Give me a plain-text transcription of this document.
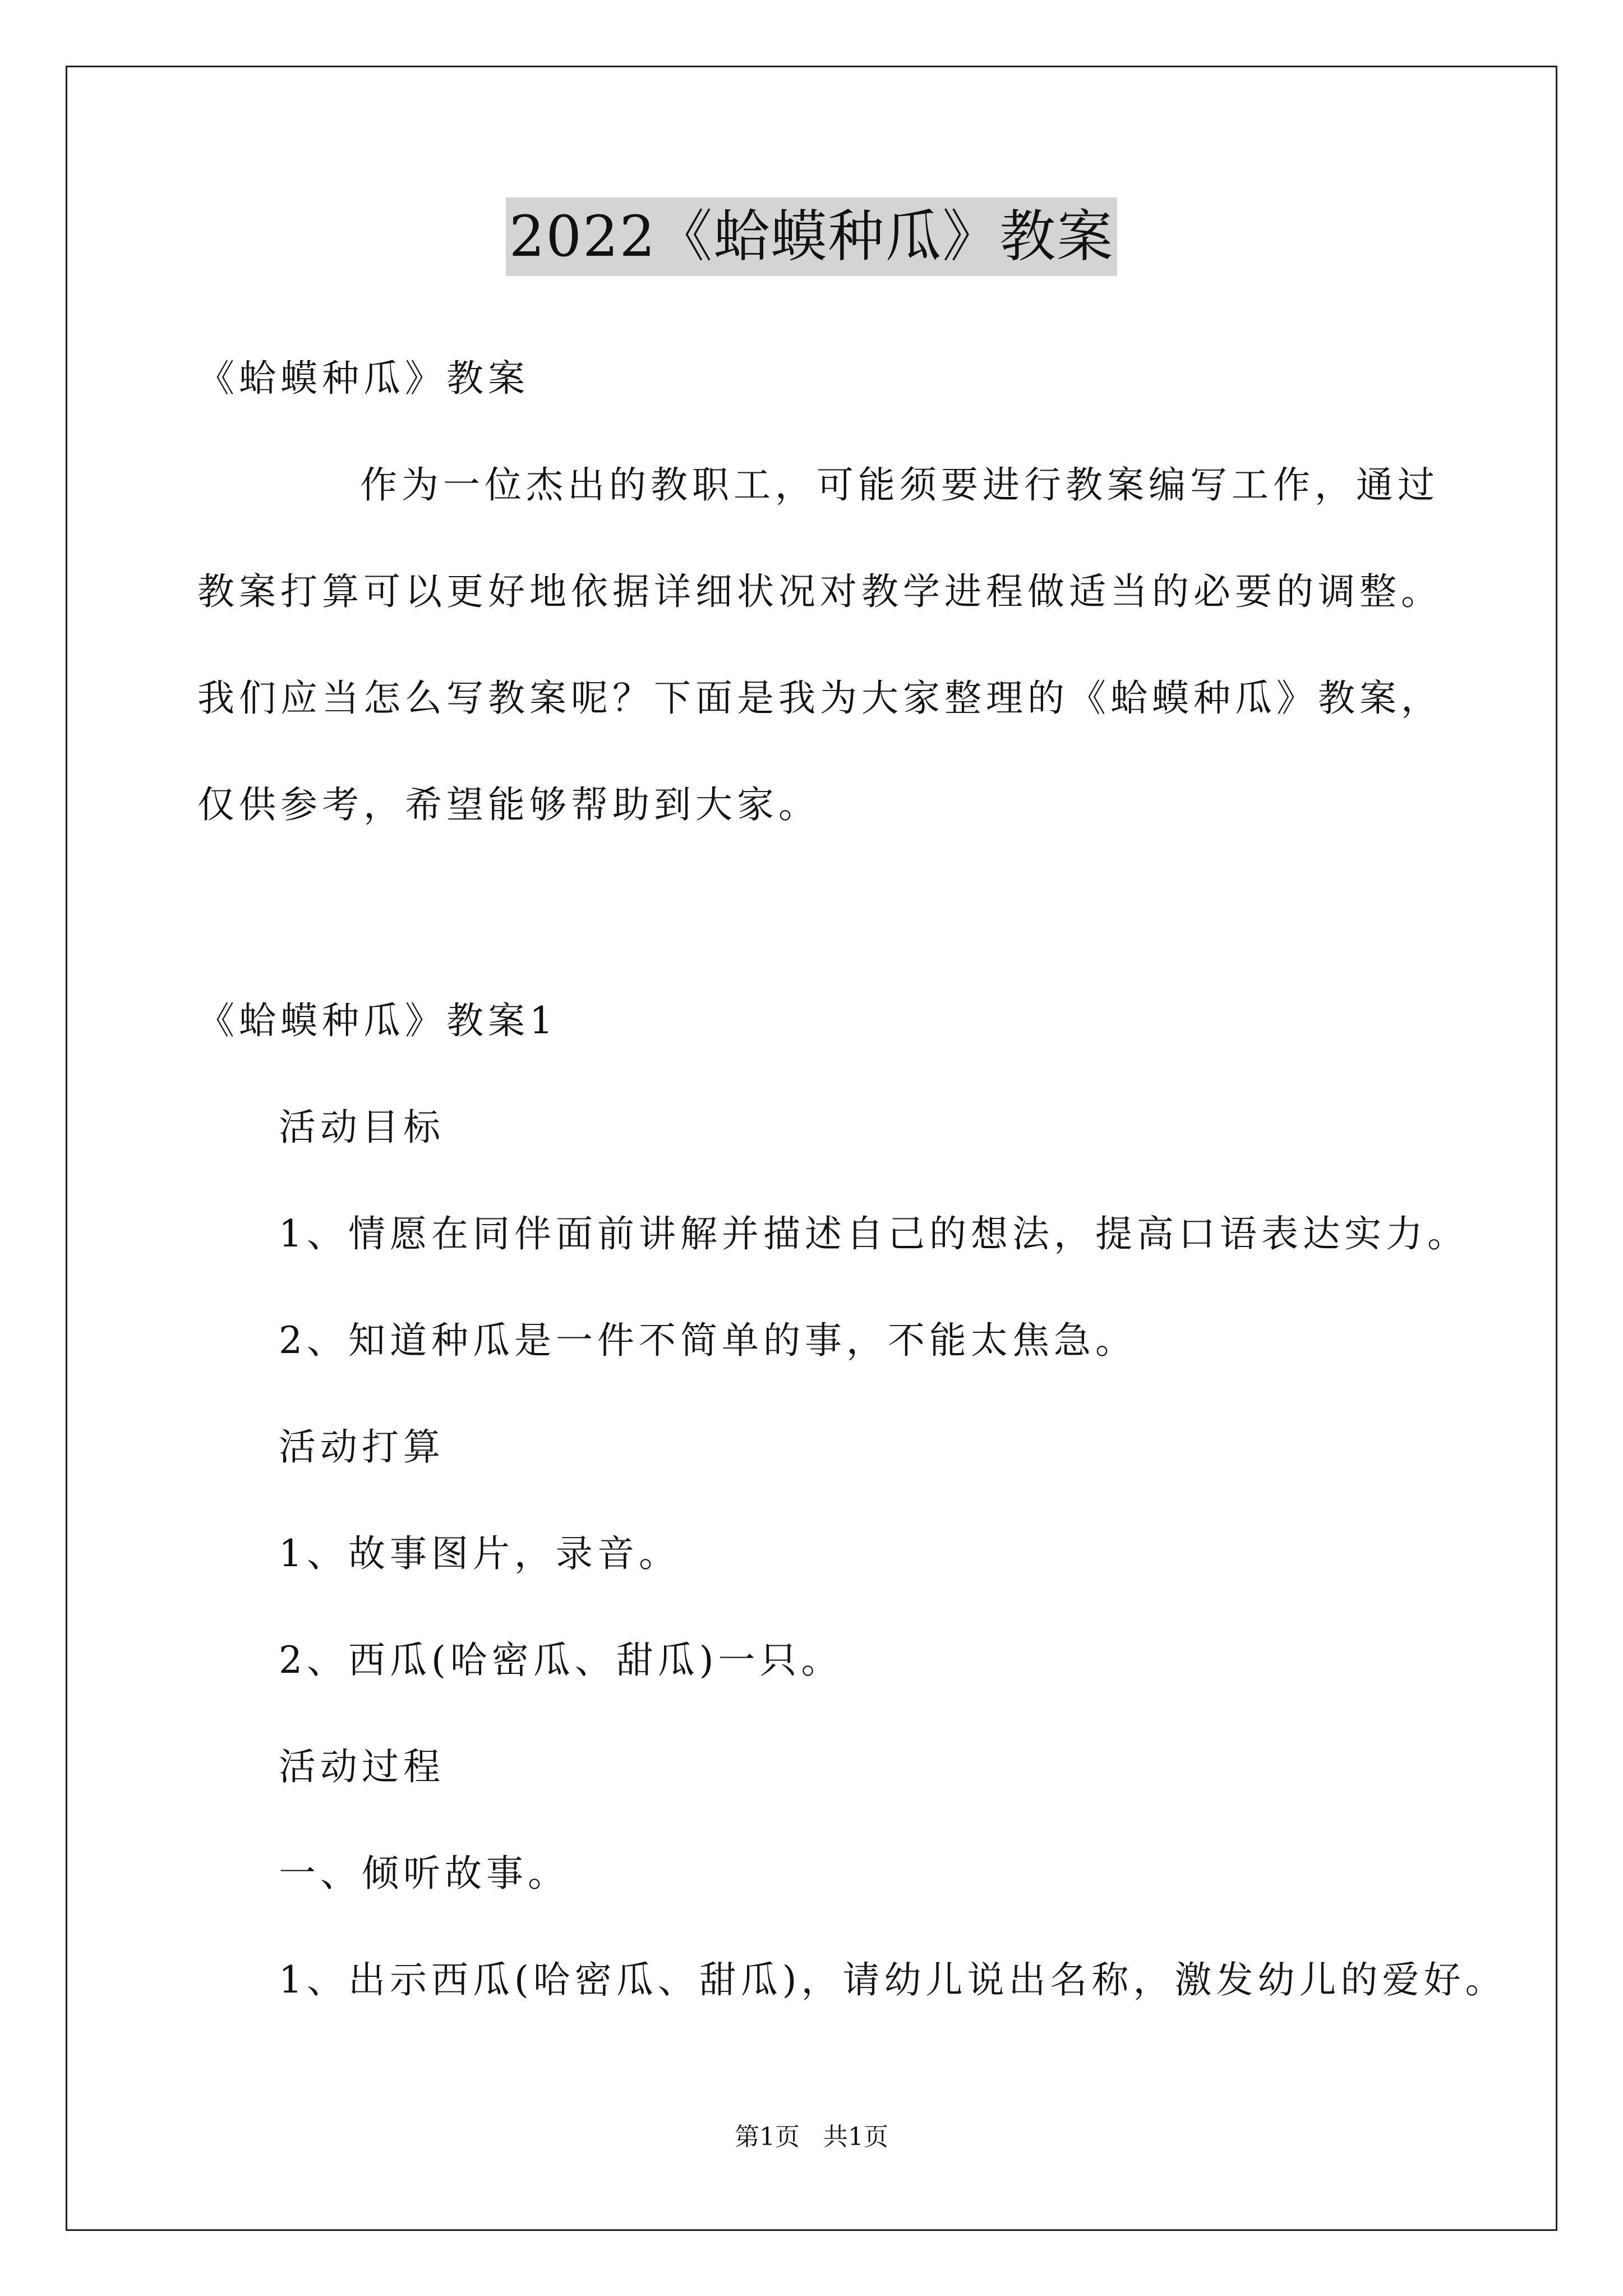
2022《蛤蟆种瓜》教案
《蛤蟆种瓜》教案
作为一位杰出的教职工，可能须要进行教案编写工作，通过
教案打算可以更好地依据详细状况对教学进程做适当的必要的调整。
我们应当怎么写教案呢？下面是我为大家整理的《蛤蟆种瓜》教案，
仅供参考，希望能够帮助到大家。
《蛤蟆种瓜》教案1
活动目标
1、情愿在同伴面前讲解并描述自己的想法，提高口语表达实力。
2、知道种瓜是一件不简单的事，不能太焦急。
活动打算
1、故事图片，录音。
2、西瓜(哈密瓜、甜瓜)一只。
活动过程
一、倾听故事。
1、出示西瓜(哈密瓜、甜瓜)，请幼儿说出名称，激发幼儿的爱好。
第1页   共1页
